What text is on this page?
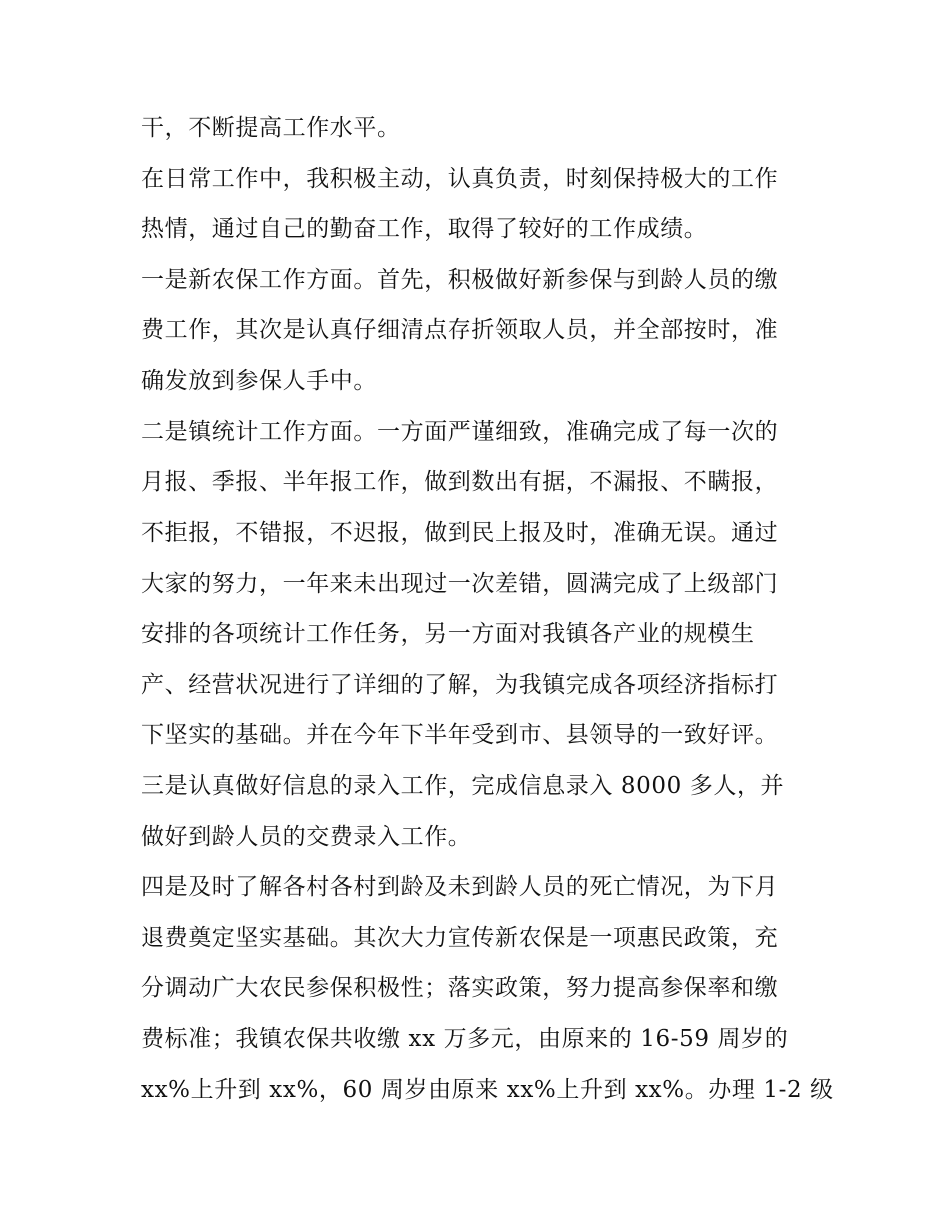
干，不断提高工作水平。
在日常工作中，我积极主动，认真负责，时刻保持极大的工作
热情，通过自己的勤奋工作，取得了较好的工作成绩。
一是新农保工作方面。首先，积极做好新参保与到龄人员的缴
费工作，其次是认真仔细清点存折领取人员，并全部按时，准
确发放到参保人手中。
二是镇统计工作方面。一方面严谨细致，准确完成了每一次的
月报、季报、半年报工作，做到数出有据，不漏报、不瞒报，
不拒报，不错报，不迟报，做到民上报及时，准确无误。通过
大家的努力，一年来未出现过一次差错，圆满完成了上级部门
安排的各项统计工作任务，另一方面对我镇各产业的规模生
产、经营状况进行了详细的了解，为我镇完成各项经济指标打
下坚实的基础。并在今年下半年受到市、县领导的一致好评。
三是认真做好信息的录入工作，完成信息录入 8000 多人，并
做好到龄人员的交费录入工作。
四是及时了解各村各村到龄及未到龄人员的死亡情况，为下月
退费奠定坚实基础。其次大力宣传新农保是一项惠民政策，充
分调动广大农民参保积极性；落实政策，努力提高参保率和缴
费标准；我镇农保共收缴 xx 万多元，由原来的 16-59 周岁的
xx%上升到 xx%，60 周岁由原来 xx%上升到 xx%。办理 1-2 级
